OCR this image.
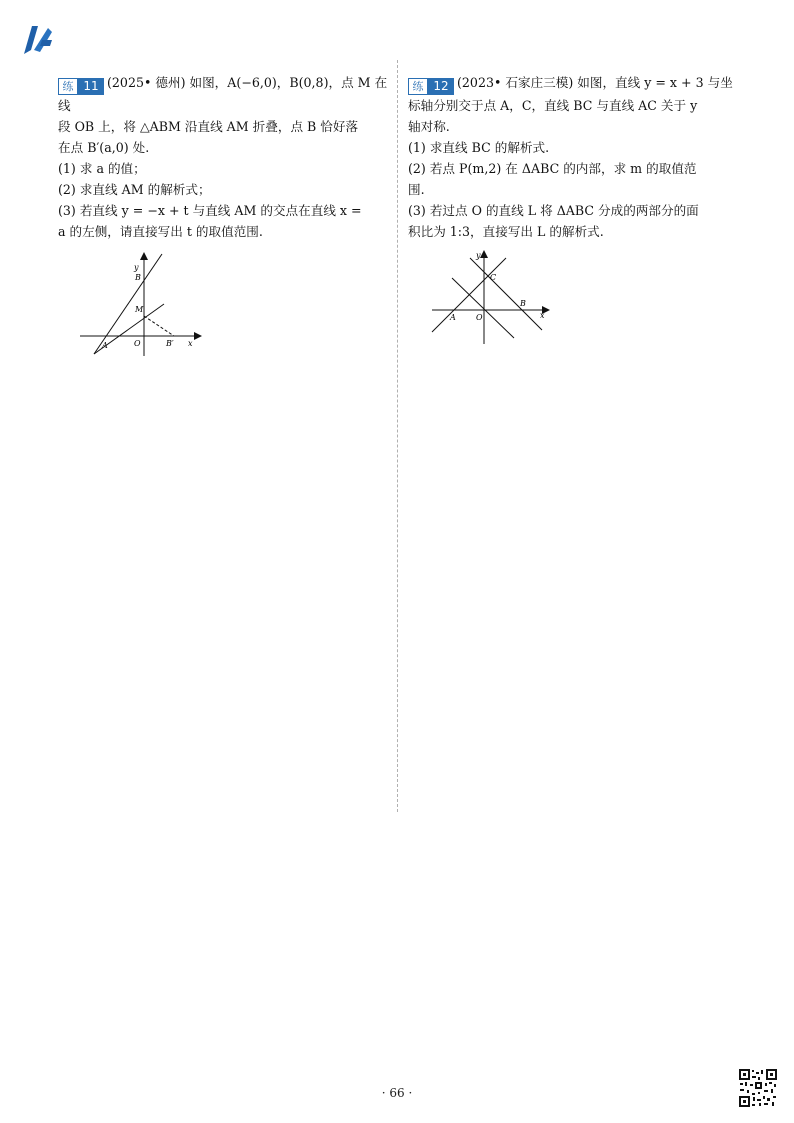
练 11 (2025• 德州) 如图，A(−6,0)，B(0,8)，点 M 在线

段 OB 上，将 △ABM 沿直线 AM 折叠，点 B 恰好落

在点 B′(a,0) 处.

(1) 求 a 的值；

(2) 求直线 AM 的解析式；

(3) 若直线 y = −x + t 与直线 AM 的交点在直线 x =

a 的左侧，请直接写出 t 的取值范围.

y
B
M
A	O	B′ x

练 12 (2023• 石家庄三模) 如图，直线 y = x + 3 与坐

标轴分别交于点 A，C，直线 BC 与直线 AC 关于 y

轴对称.

(1) 求直线 BC 的解析式.

(2) 若点 P(m,2) 在 ΔABC 的内部，求 m 的取值范

围.

(3) 若过点 O 的直线 L 将 ΔABC 分成的两部分的面

积比为 1:3，直接写出 L 的解析式.

y
C
B
A	O	x
· 66 ·
